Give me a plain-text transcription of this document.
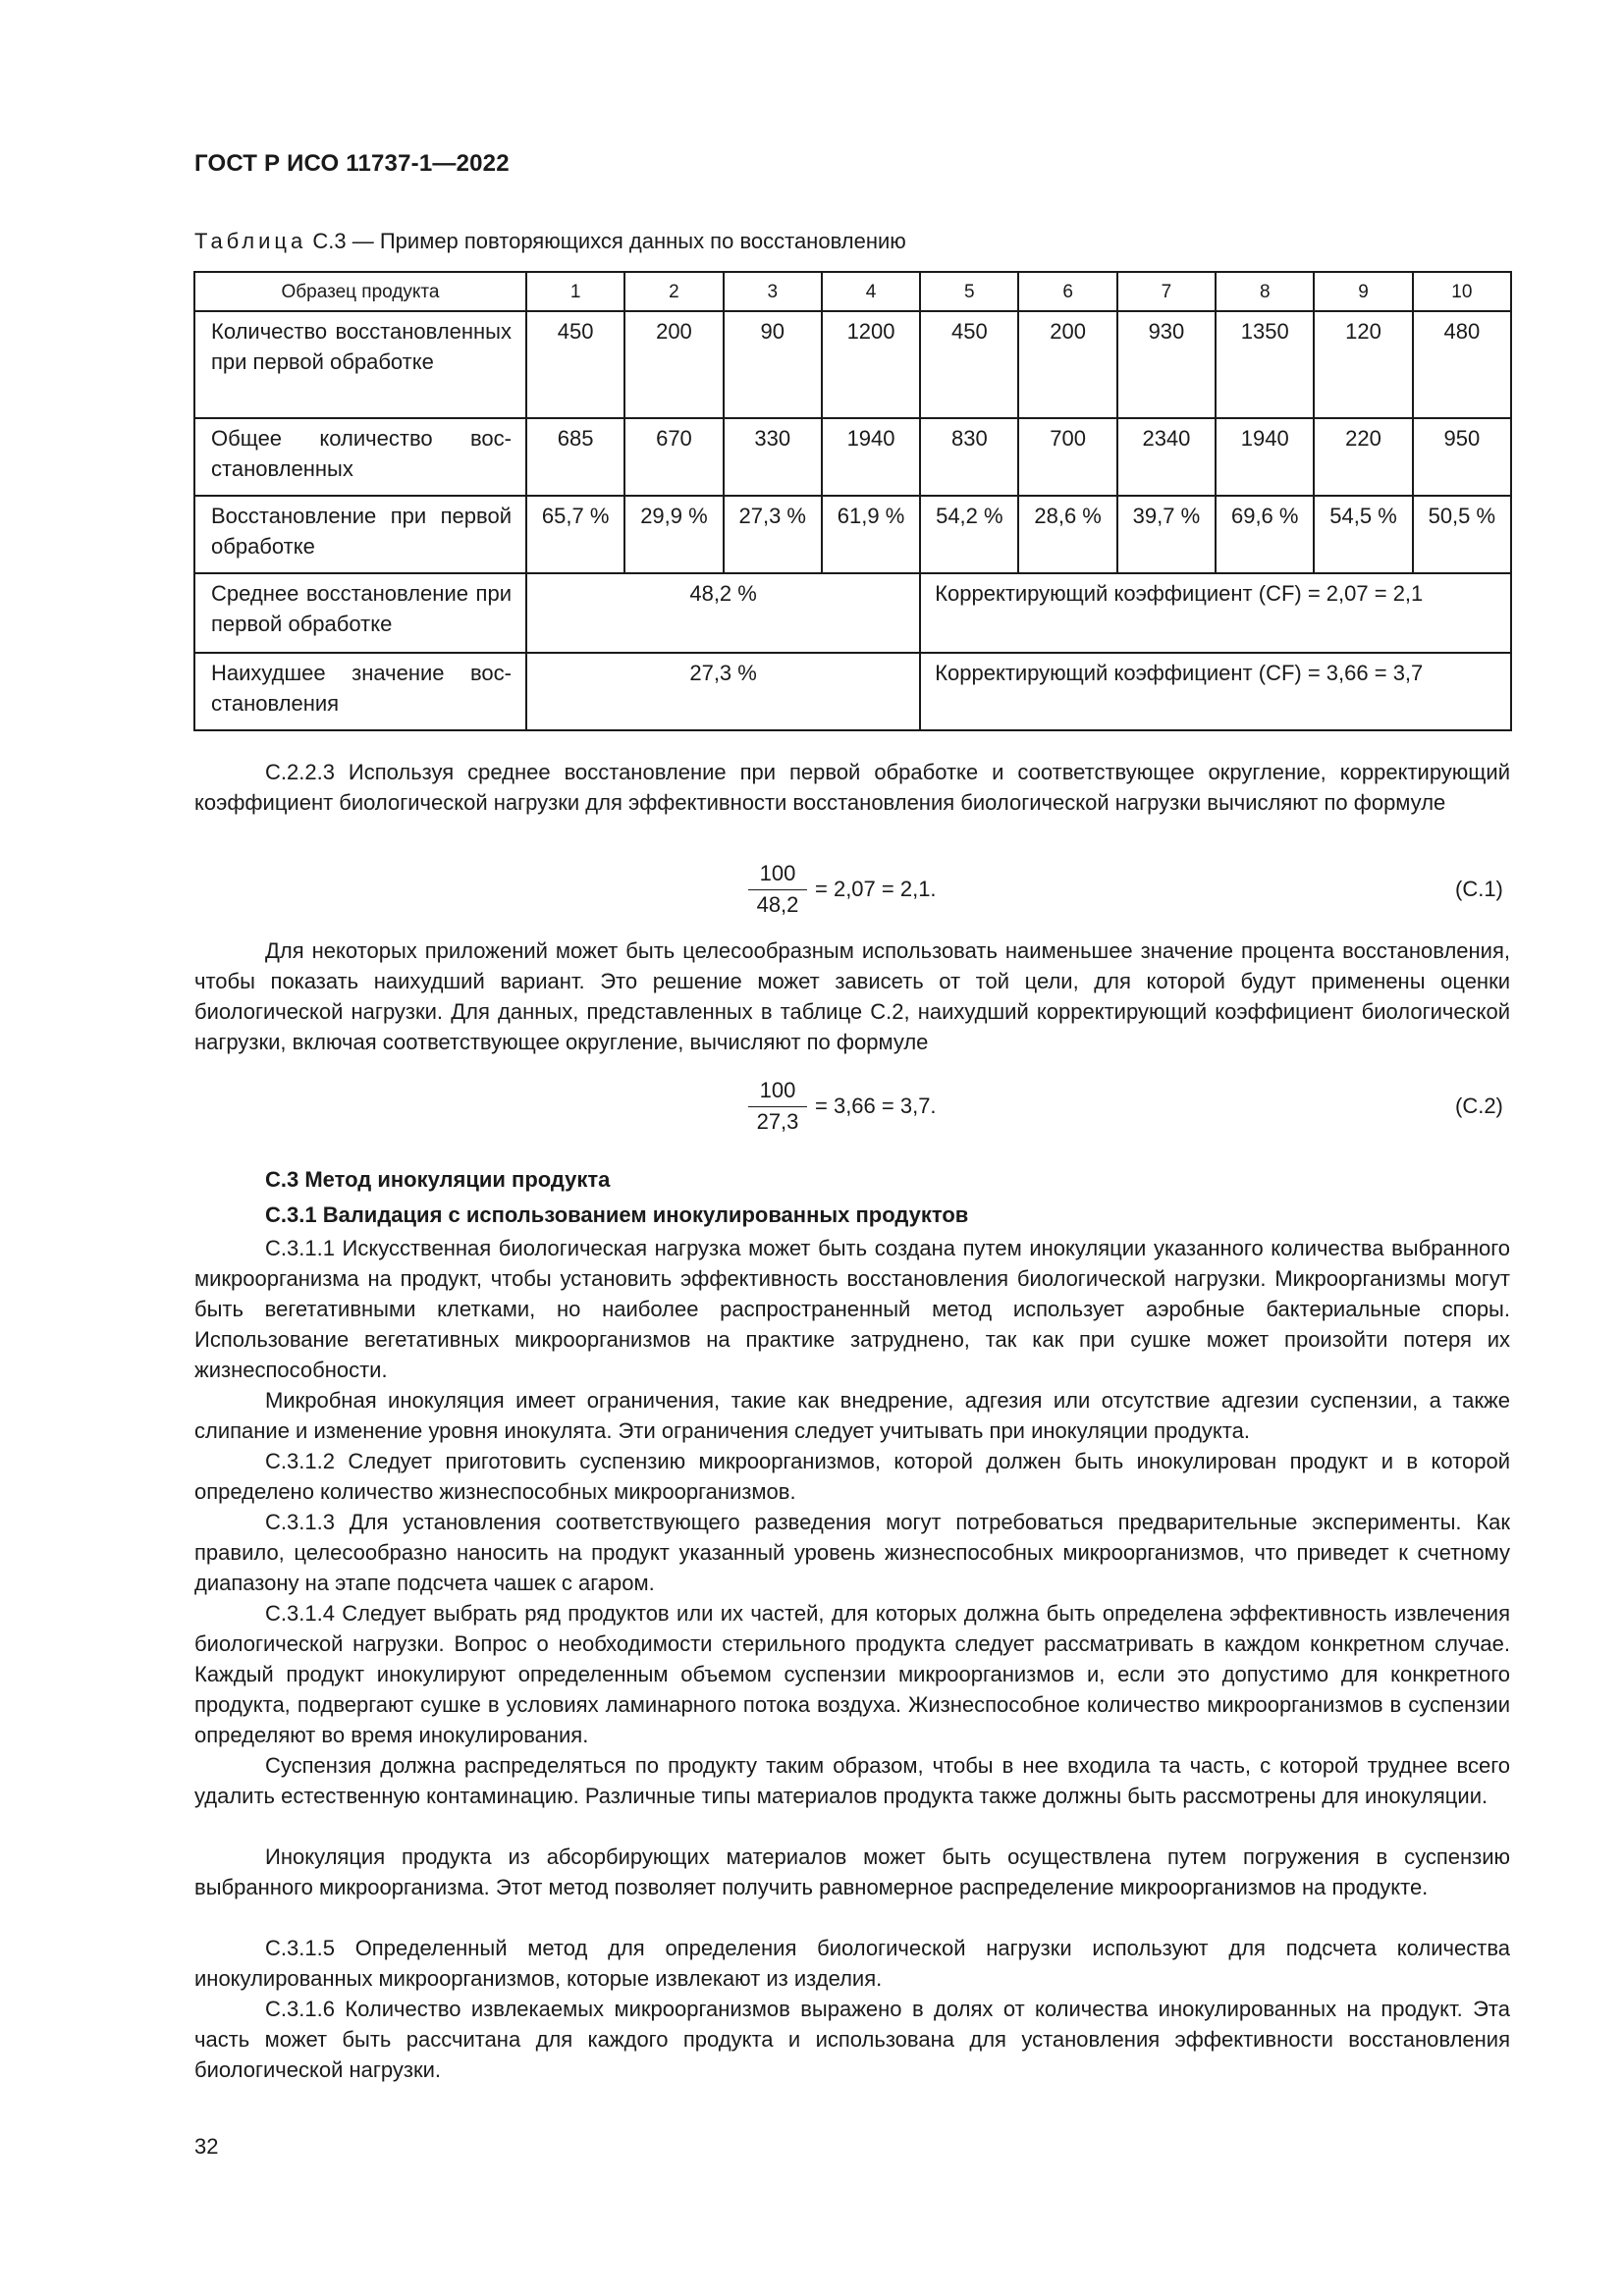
ГОСТ Р ИСО 11737-1—2022
Таблица С.3 — Пример повторяющихся данных по восстановлению
Образец продукта	1	2	3	4	5	6	7	8	9	10
Количество восстановленных при первой обработке	450	200	90	1200	450	200	930	1350	120	480
Общее количество восстановленных	685	670	330	1940	830	700	2340	1940	220	950
Восстановление при первой обработке	65,7 %	29,9 %	27,3 %	61,9 %	54,2 %	28,6 %	39,7 %	69,6 %	54,5 %	50,5 %
Среднее восстановление при первой обработке	48,2 %				Корректирующий коэффициент (CF) = 2,07 = 2,1					
Наихудшее значение восстановления	27,3 %				Корректирующий коэффициент (CF) = 3,66 = 3,7					
С.2.2.3 Используя среднее восстановление при первой обработке и соответствующее округление, корректирующий коэффициент биологической нагрузки для эффективности восстановления биологической нагрузки вычисляют по формуле
$\frac{100}{48,2} = 2,07 = 2,1$.	(С.1)
Для некоторых приложений может быть целесообразным использовать наименьшее значение процента восстановления, чтобы показать наихудший вариант. Это решение может зависеть от той цели, для которой будут применены оценки биологической нагрузки. Для данных, представленных в таблице С.2, наихудший корректирующий коэффициент биологической нагрузки, включая соответствующее округление, вычисляют по формуле
$\frac{100}{27,3} = 3,66 = 3,7$.	(С.2)
С.3 Метод инокуляции продукта
С.3.1 Валидация с использованием инокулированных продуктов
С.3.1.1 Искусственная биологическая нагрузка может быть создана путем инокуляции указанного количества выбранного микроорганизма на продукт, чтобы установить эффективность восстановления биологической нагрузки. Микроорганизмы могут быть вегетативными клетками, но наиболее распространенный метод использует аэробные бактериальные споры. Использование вегетативных микроорганизмов на практике затруднено, так как при сушке может произойти потеря их жизнеспособности.
Микробная инокуляция имеет ограничения, такие как внедрение, адгезия или отсутствие адгезии суспензии, а также слипание и изменение уровня инокулята. Эти ограничения следует учитывать при инокуляции продукта.
С.3.1.2 Следует приготовить суспензию микроорганизмов, которой должен быть инокулирован продукт и в которой определено количество жизнеспособных микроорганизмов.
С.3.1.3 Для установления соответствующего разведения могут потребоваться предварительные эксперименты. Как правило, целесообразно наносить на продукт указанный уровень жизнеспособных микроорганизмов, что приведет к счетному диапазону на этапе подсчета чашек с агаром.
С.3.1.4 Следует выбрать ряд продуктов или их частей, для которых должна быть определена эффективность извлечения биологической нагрузки. Вопрос о необходимости стерильного продукта следует рассматривать в каждом конкретном случае. Каждый продукт инокулируют определенным объемом суспензии микроорганизмов и, если это допустимо для конкретного продукта, подвергают сушке в условиях ламинарного потока воздуха. Жизнеспособное количество микроорганизмов в суспензии определяют во время инокулирования.
Суспензия должна распределяться по продукту таким образом, чтобы в нее входила та часть, с которой труднее всего удалить естественную контаминацию. Различные типы материалов продукта также должны быть рассмотрены для инокуляции.
Инокуляция продукта из абсорбирующих материалов может быть осуществлена путем погружения в суспензию выбранного микроорганизма. Этот метод позволяет получить равномерное распределение микроорганизмов на продукте.
С.3.1.5 Определенный метод для определения биологической нагрузки используют для подсчета количества инокулированных микроорганизмов, которые извлекают из изделия.
С.3.1.6 Количество извлекаемых микроорганизмов выражено в долях от количества инокулированных на продукт. Эта часть может быть рассчитана для каждого продукта и использована для установления эффективности восстановления биологической нагрузки.
32
